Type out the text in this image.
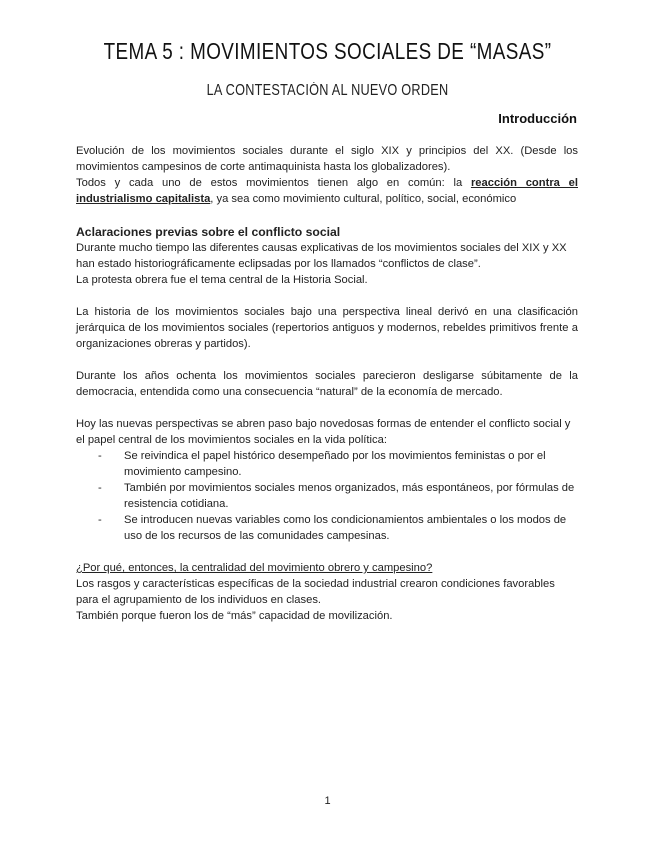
TEMA 5 : MOVIMIENTOS SOCIALES DE “MASAS”
LA CONTESTACIÓN AL NUEVO ORDEN
Introducción

Evolución de los movimientos sociales durante el siglo XIX y principios del XX. (Desde los movimientos campesinos de corte antimaquinista hasta los globalizadores).

Todos y cada uno de estos movimientos tienen algo en común: la reacción contra el industrialismo capitalista, ya sea como movimiento cultural, político, social, económico

Aclaraciones previas sobre el conflicto social

Durante mucho tiempo las diferentes causas explicativas de los movimientos sociales del XIX y XX han estado historiográficamente eclipsadas por los llamados “conflictos de clase”.

La protesta obrera fue el tema central de la Historia Social.

La historia de los movimientos sociales bajo una perspectiva lineal derivó en una clasificación jerárquica de los movimientos sociales (repertorios antiguos y modernos, rebeldes primitivos frente a organizaciones obreras y partidos).

Durante los años ochenta los movimientos sociales parecieron desligarse súbitamente de la democracia, entendida como una consecuencia “natural” de la economía de mercado.

Hoy las nuevas perspectivas se abren paso bajo novedosas formas de entender el conflicto social y el papel central de los movimientos sociales en la vida política:

- Se reivindica el papel histórico desempeñado por los movimientos feministas o por el movimiento campesino.
- También por movimientos sociales menos organizados, más espontáneos, por fórmulas de resistencia cotidiana.
- Se introducen nuevas variables como los condicionamientos ambientales o los modos de uso de los recursos de las comunidades campesinas.

¿Por qué, entonces, la centralidad del movimiento obrero y campesino?

Los rasgos y características específicas de la sociedad industrial crearon condiciones favorables para el agrupamiento de los individuos en clases.

También porque fueron los de “más” capacidad de movilización.

1
